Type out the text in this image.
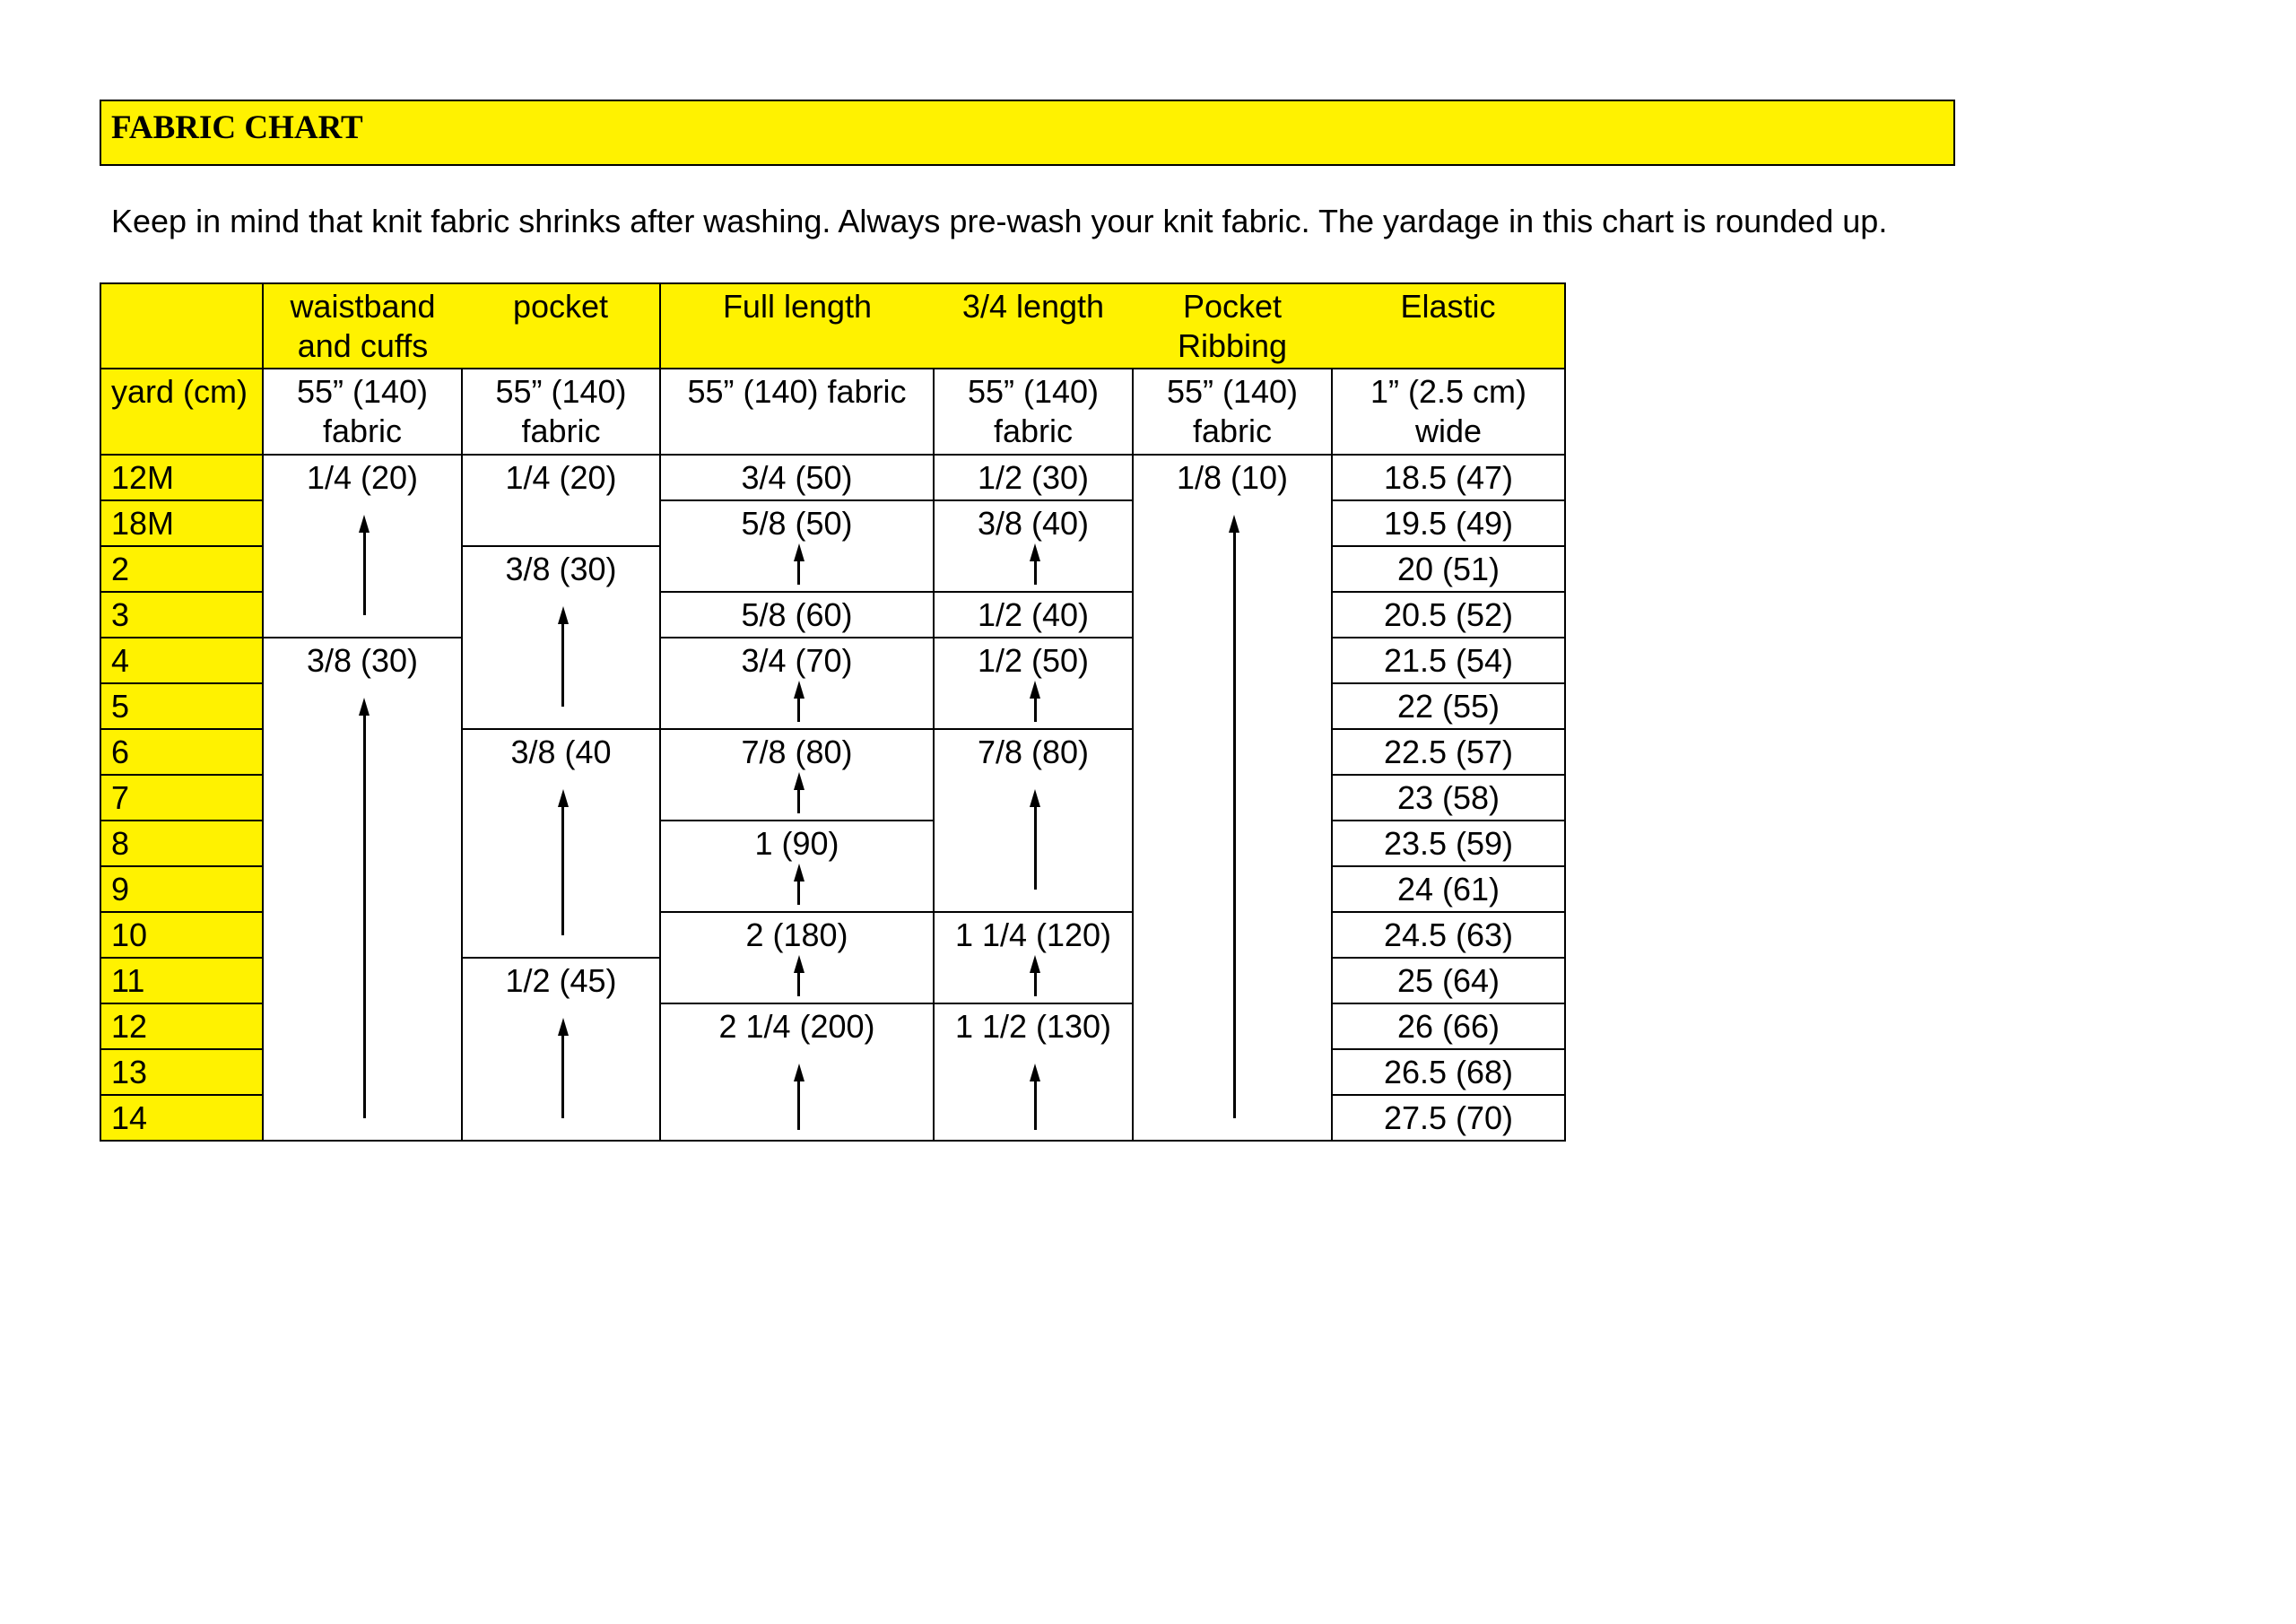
FABRIC CHART

Keep in mind that knit fabric shrinks after washing. Always pre-wash your knit fabric. The yardage in this chart is rounded up.

	waistband and cuffs	pocket	Full length	3/4 length	Pocket Ribbing	Elastic
yard (cm)	55” (140) fabric	55” (140) fabric	55” (140) fabric	55” (140) fabric	55” (140) fabric	1” (2.5 cm) wide
12M	1/4 (20)	1/4 (20)	3/4 (50)	1/2 (30)	1/8 (10)	18.5 (47)
18M			5/8 (50)	3/8 (40)		19.5 (49)
2		3/8 (30)				20 (51)
3			5/8 (60)	1/2 (40)		20.5 (52)
4	3/8 (30)		3/4 (70)	1/2 (50)		21.5 (54)
5						22 (55)
6		3/8 (40	7/8 (80)	7/8 (80)		22.5 (57)
7						23 (58)
8			1 (90)			23.5 (59)
9						24 (61)
10			2 (180)	1 1/4 (120)		24.5 (63)
11		1/2 (45)				25 (64)
12			2 1/4 (200)	1 1/2 (130)		26 (66)
13						26.5 (68)
14						27.5 (70)
